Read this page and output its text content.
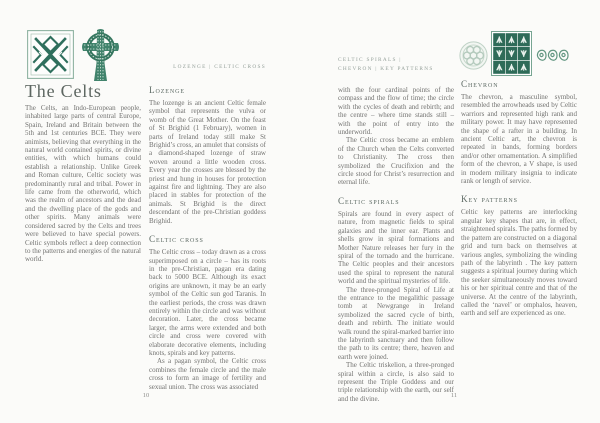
The Celts

The Celts, an Indo-European people, inhabited large parts of central Europe, Spain, Ireland and Britain between the 5th and 1st centuries BCE. They were animists, believing that everything in the natural world contained spirits, or divine entities, with which humans could establish a relationship. Unlike Greek and Roman culture, Celtic society was predominantly rural and tribal. Power in life came from the otherworld, which was the realm of ancestors and the dead and the dwelling place of the gods and other spirits. Many animals were considered sacred by the Celts and trees were believed to have special powers. Celtic symbols reflect a deep connection to the patterns and energies of the natural world.

LOZENGE | CELTIC CROSS
Lozenge

The lozenge is an ancient Celtic female symbol that represents the vulva or womb of the Great Mother. On the feast of St Brighid (1 February), women in parts of Ireland today still make St Brighid’s cross, an amulet that consists of a diamond-shaped lozenge of straw woven around a little wooden cross. Every year the crosses are blessed by the priest and hung in houses for protection against fire and lightning. They are also placed in stables for protection of the animals. St Brighid is the direct descendant of the pre-Christian goddess Brighid.

Celtic cross

The Celtic cross – today drawn as a cross superimposed on a circle – has its roots in the pre-Christian, pagan era dating back to 5000 BCE. Although its exact origins are unknown, it may be an early symbol of the Celtic sun god Taranis. In the earliest periods, the cross was drawn entirely within the circle and was without decoration. Later, the cross became larger, the arms were extended and both circle and cross were covered with elaborate decorative elements, including knots, spirals and key patterns.

As a pagan symbol, the Celtic cross combines the female circle and the male cross to form an image of fertility and sexual union. The cross was associated

10
CELTIC SPIRALS |
CHEVRON | KEY PATTERNS

with the four cardinal points of the compass and the flow of time; the circle with the cycles of death and rebirth; and the centre – where time stands still – with the point of entry into the underworld.

The Celtic cross became an emblem of the Church when the Celts converted to Christianity. The cross then symbolized the Crucifixion and the circle stood for Christ’s resurrection and eternal life.

Celtic spirals

Spirals are found in every aspect of nature, from magnetic fields to spiral galaxies and the inner ear. Plants and shells grow in spiral formations and Mother Nature releases her fury in the spiral of the tornado and the hurricane. The Celtic peoples and their ancestors used the spiral to represent the natural world and the spiritual mysteries of life.

The three-pronged Spiral of Life at the entrance to the megalithic passage tomb at Newgrange in Ireland symbolized the sacred cycle of birth, death and rebirth. The initiate would walk round the spiral-marked barrier into the labyrinth sanctuary and then follow the path to its centre; there, heaven and earth were joined.

The Celtic triskelion, a three-pronged spiral within a circle, is also said to represent the Triple Goddess and our triple relationship with the earth, our self and the divine.

Chevron

The chevron, a masculine symbol, resembled the arrowheads used by Celtic warriors and represented high rank and military power. It may have represented the shape of a rafter in a building. In ancient Celtic art, the chevron is repeated in bands, forming borders and/or other ornamentation. A simplified form of the chevron, a V shape, is used in modern military insignia to indicate rank or length of service.

Key patterns

Celtic key patterns are interlocking angular key shapes that are, in effect, straightened spirals. The paths formed by the pattern are constructed on a diagonal grid and turn back on themselves at various angles, symbolizing the winding path of the labyrinth . The key pattern suggests a spiritual journey during which the seeker simultaneously moves toward his or her spiritual centre and that of the universe. At the centre of the labyrinth, called the ‘navel’ or omphalos, heaven, earth and self are experienced as one.

11
